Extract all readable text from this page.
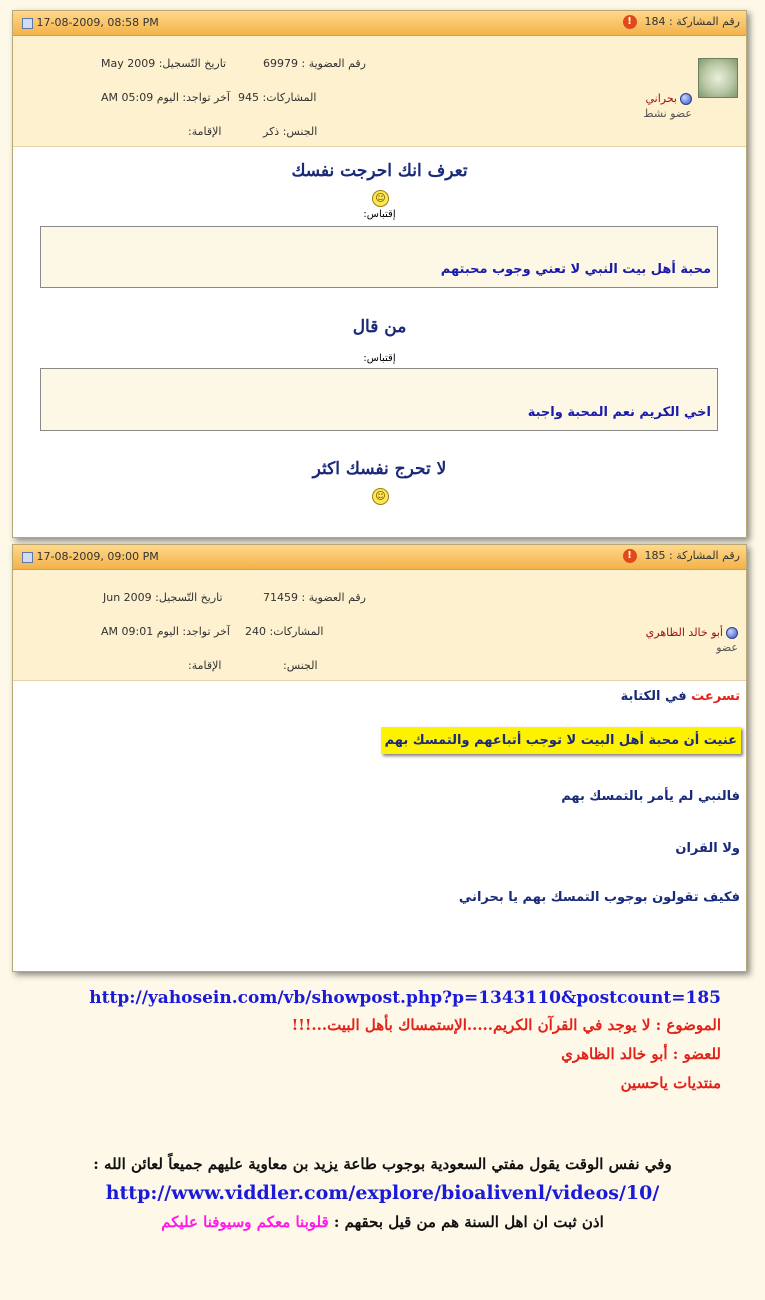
17-08-2009, 08:58 PM	رقم المشاركة : 184!
بحراني
عضو نشط
رقم العضوية : 69979
تاريخ التّسجيل: May 2009
المشاركات: 945
آخر تواجد: اليوم 05:09 AM
الجنس: ذكر
الإقامة:
تعرف انك احرجت نفسك
☺
إقتباس:
محبة أهل بيت النبي لا تعني وجوب محبتهم
من قال
إقتباس:
اخي الكريم نعم المحبة واجبة
لا تحرج نفسك اكثر
☺
17-08-2009, 09:00 PM	رقم المشاركة : 185!
أبو خالد الظاهري
عضو
رقم العضوية : 71459
تاريخ التّسجيل: Jun 2009
المشاركات: 240
آخر تواجد: اليوم 09:01 AM
الجنس:
الإقامة:
تسرعت في الكتابة
عنيت أن محبة أهل البيت لا توجب أتباعهم والتمسك بهم
فالنبي لم يأمر بالتمسك بهم
ولا القران
فكيف تقولون بوجوب التمسك بهم يا بحراني
http://yahosein.com/vb/showpost.php?p=1343110&postcount=185
الموضوع : لا يوجد في القرآن الكريم.....الإستمساك بأهل البيت...!!!
للعضو : أبو خالد الظاهري
منتديات ياحسين
وفي نفس الوقت يقول مفتي السعودية بوجوب طاعة يزيد بن معاوية عليهم جميعاً لعائن الله :
http://www.viddler.com/explore/bioalivenl/videos/10/
اذن ثبت ان اهل السنة هم من قيل بحقهم : قلوبنا معكم وسيوفنا عليكم
